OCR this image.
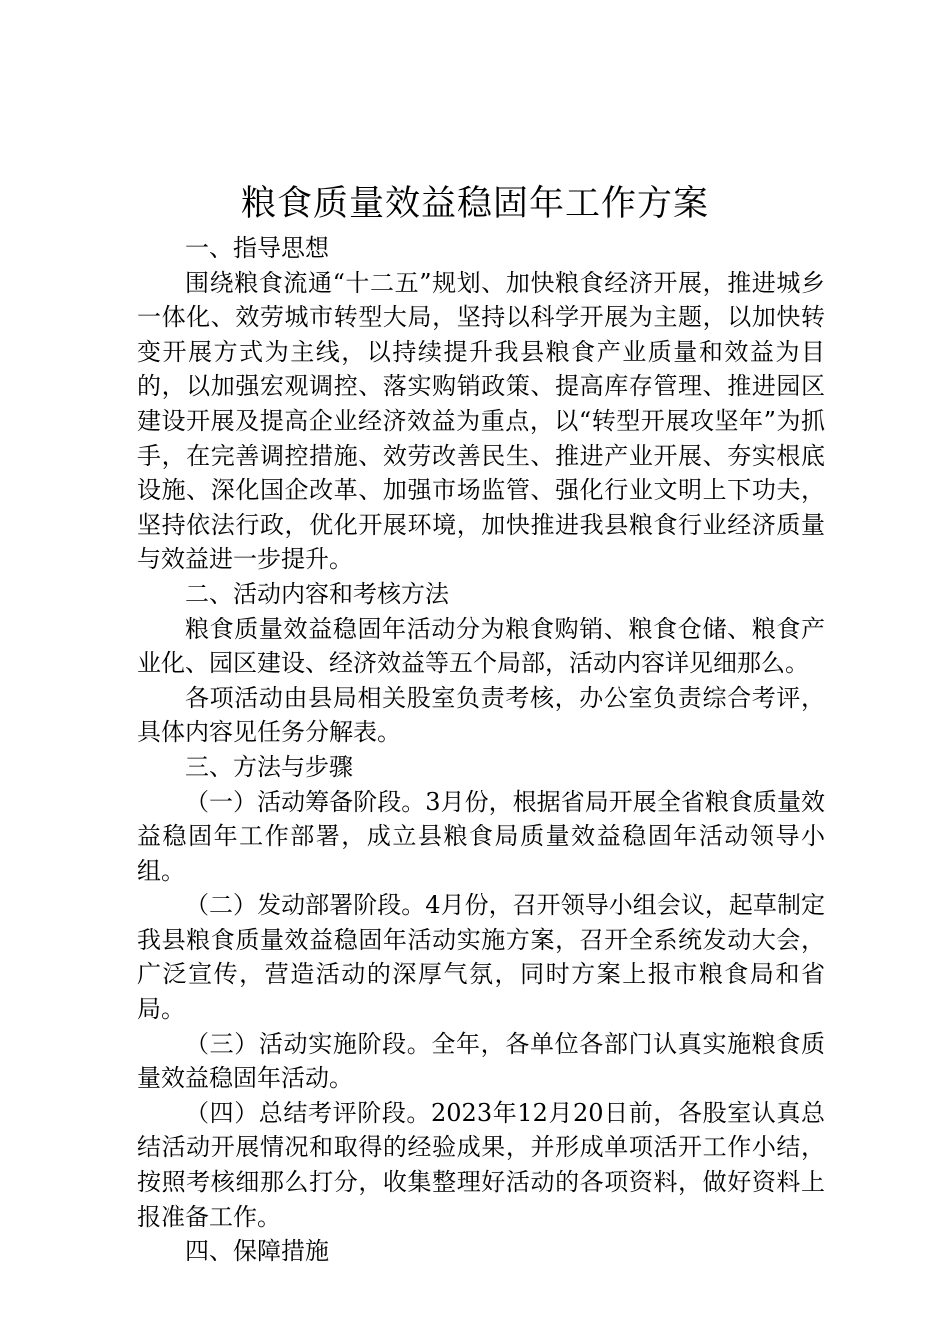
粮食质量效益稳固年工作方案

一、指导思想

围绕粮食流通“十二五”规划、加快粮食经济开展，推进城乡一体化、效劳城市转型大局，坚持以科学开展为主题，以加快转变开展方式为主线，以持续提升我县粮食产业质量和效益为目的，以加强宏观调控、落实购销政策、提高库存管理、推进园区建设开展及提高企业经济效益为重点，以“转型开展攻坚年”为抓手，在完善调控措施、效劳改善民生、推进产业开展、夯实根底设施、深化国企改革、加强市场监管、强化行业文明上下功夫，坚持依法行政，优化开展环境，加快推进我县粮食行业经济质量与效益进一步提升。

二、活动内容和考核方法

粮食质量效益稳固年活动分为粮食购销、粮食仓储、粮食产业化、园区建设、经济效益等五个局部，活动内容详见细那么。

各项活动由县局相关股室负责考核，办公室负责综合考评，具体内容见任务分解表。

三、方法与步骤

（一）活动筹备阶段。3月份，根据省局开展全省粮食质量效益稳固年工作部署，成立县粮食局质量效益稳固年活动领导小组。

（二）发动部署阶段。4月份，召开领导小组会议，起草制定我县粮食质量效益稳固年活动实施方案，召开全系统发动大会，广泛宣传，营造活动的深厚气氛，同时方案上报市粮食局和省局。

（三）活动实施阶段。全年，各单位各部门认真实施粮食质量效益稳固年活动。

（四）总结考评阶段。2023年12月20日前，各股室认真总结活动开展情况和取得的经验成果，并形成单项活开工作小结，按照考核细那么打分，收集整理好活动的各项资料，做好资料上报准备工作。

四、保障措施
